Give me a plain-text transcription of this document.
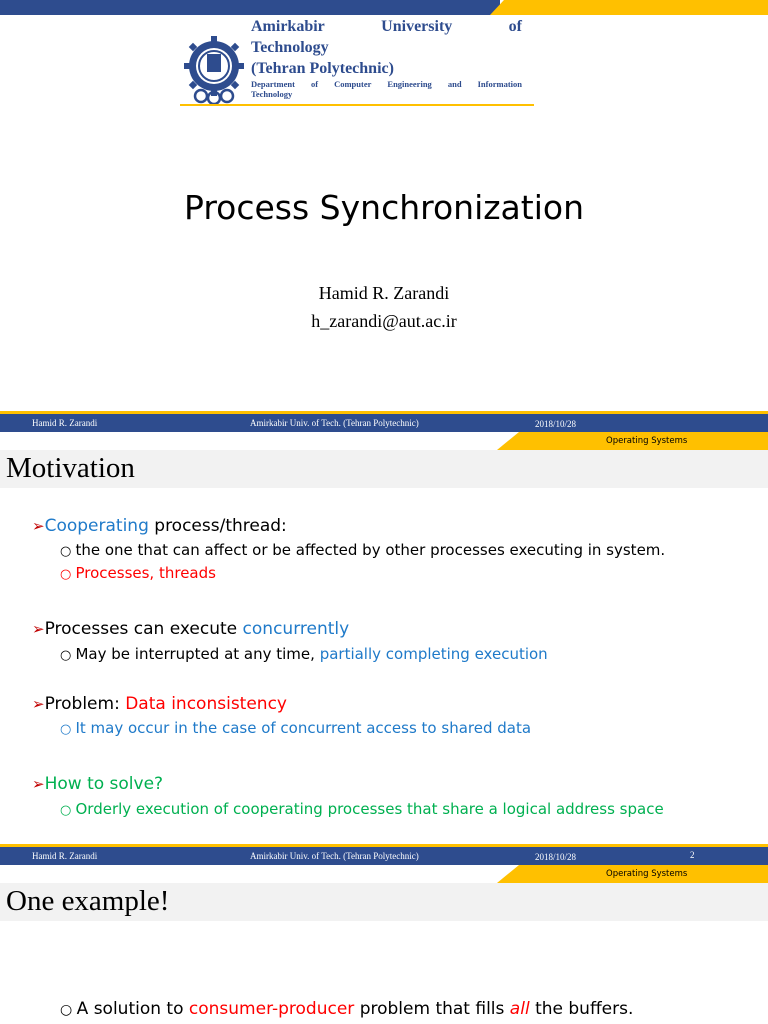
Amirkabir	University	of
Technology
(Tehran Polytechnic)
Department of Computer Engineering and Information
Technology
Process Synchronization
Hamid R. Zarandi
h_zarandi@aut.ac.ir
Hamid R. Zarandi	Amirkabir Univ. of Tech. (Tehran Polytechnic)	2018/10/28
Operating Systems
Motivation
➢Cooperating process/thread:
○ the one that can affect or be affected by other processes executing in system.
○ Processes, threads
➢Processes can execute concurrently
○ May be interrupted at any time, partially completing execution
➢Problem: Data inconsistency
○ It may occur in the case of concurrent access to shared data
➢How to solve?
○ Orderly execution of cooperating processes that share a logical address space
Hamid R. Zarandi	Amirkabir Univ. of Tech. (Tehran Polytechnic)	2018/10/28	2
Operating Systems
One example!
○ A solution to consumer-producer problem that fills all the buffers.
